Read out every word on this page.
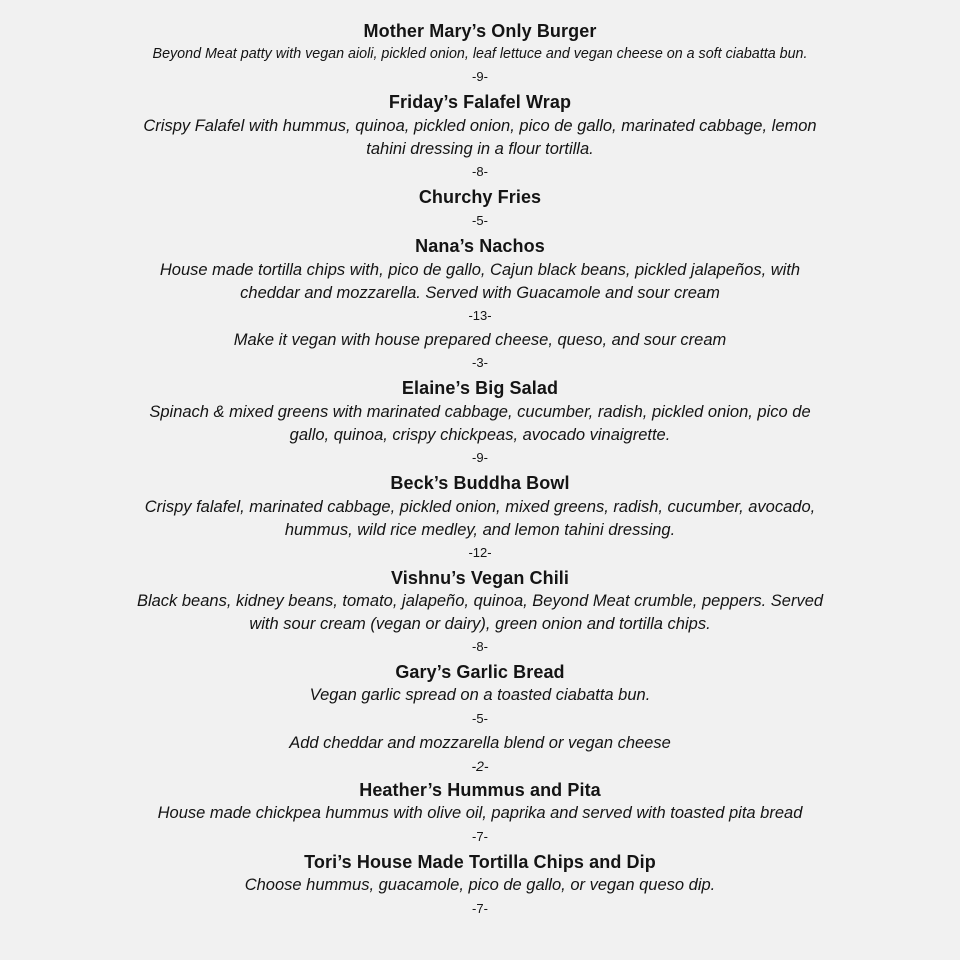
Mother Mary’s Only Burger
Beyond Meat patty with vegan aioli, pickled onion, leaf lettuce and vegan cheese on a soft ciabatta bun.
-9-
Friday’s Falafel Wrap
Crispy Falafel with hummus, quinoa, pickled onion, pico de gallo, marinated cabbage, lemon
tahini dressing in a flour tortilla.
-8-
Churchy Fries
-5-
Nana’s Nachos
House made tortilla chips with, pico de gallo, Cajun black beans, pickled jalapeños, with
cheddar and mozzarella. Served with Guacamole and sour cream
-13-
Make it vegan with house prepared cheese, queso, and sour cream
-3-
Elaine’s Big Salad
Spinach & mixed greens with marinated cabbage, cucumber, radish, pickled onion, pico de
gallo, quinoa, crispy chickpeas, avocado vinaigrette.
-9-
Beck’s Buddha Bowl
Crispy falafel, marinated cabbage, pickled onion, mixed greens, radish, cucumber, avocado,
hummus, wild rice medley, and lemon tahini dressing.
-12-
Vishnu’s Vegan Chili
Black beans, kidney beans, tomato, jalapeño, quinoa, Beyond Meat crumble, peppers. Served
with sour cream (vegan or dairy), green onion and tortilla chips.
-8-
Gary’s Garlic Bread
Vegan garlic spread on a toasted ciabatta bun.
-5-
Add cheddar and mozzarella blend or vegan cheese
-2-
Heather’s Hummus and Pita
House made chickpea hummus with olive oil, paprika and served with toasted pita bread
-7-
Tori’s House Made Tortilla Chips and Dip
Choose hummus, guacamole, pico de gallo, or vegan queso dip.
-7-
